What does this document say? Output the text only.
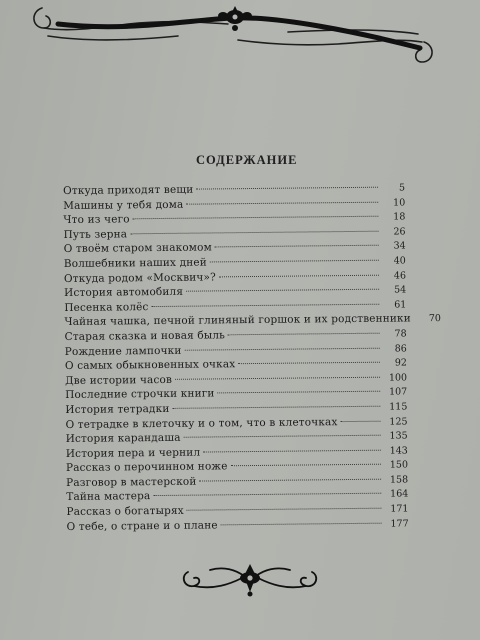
СОДЕРЖАНИЕ
Откуда приходят вещи	5
Машины у тебя дома	10
Что из чего	18
Путь зерна	26
О твоём старом знакомом	34
Волшебники наших дней	40
Откуда родом «Москвич»?	46
История автомобиля	54
Песенка колёс	61
Чайная чашка, печной глиняный горшок и их родственники	70
Старая сказка и новая быль	78
Рождение лампочки	86
О самых обыкновенных очках	92
Две истории часов	100
Последние строчки книги	107
История тетрадки	115
О тетрадке в клеточку и о том, что в клеточках	125
История карандаша	135
История пера и чернил	143
Рассказ о перочинном ноже	150
Разговор в мастерской	158
Тайна мастера	164
Рассказ о богатырях	171
О тебе, о стране и о плане	177
